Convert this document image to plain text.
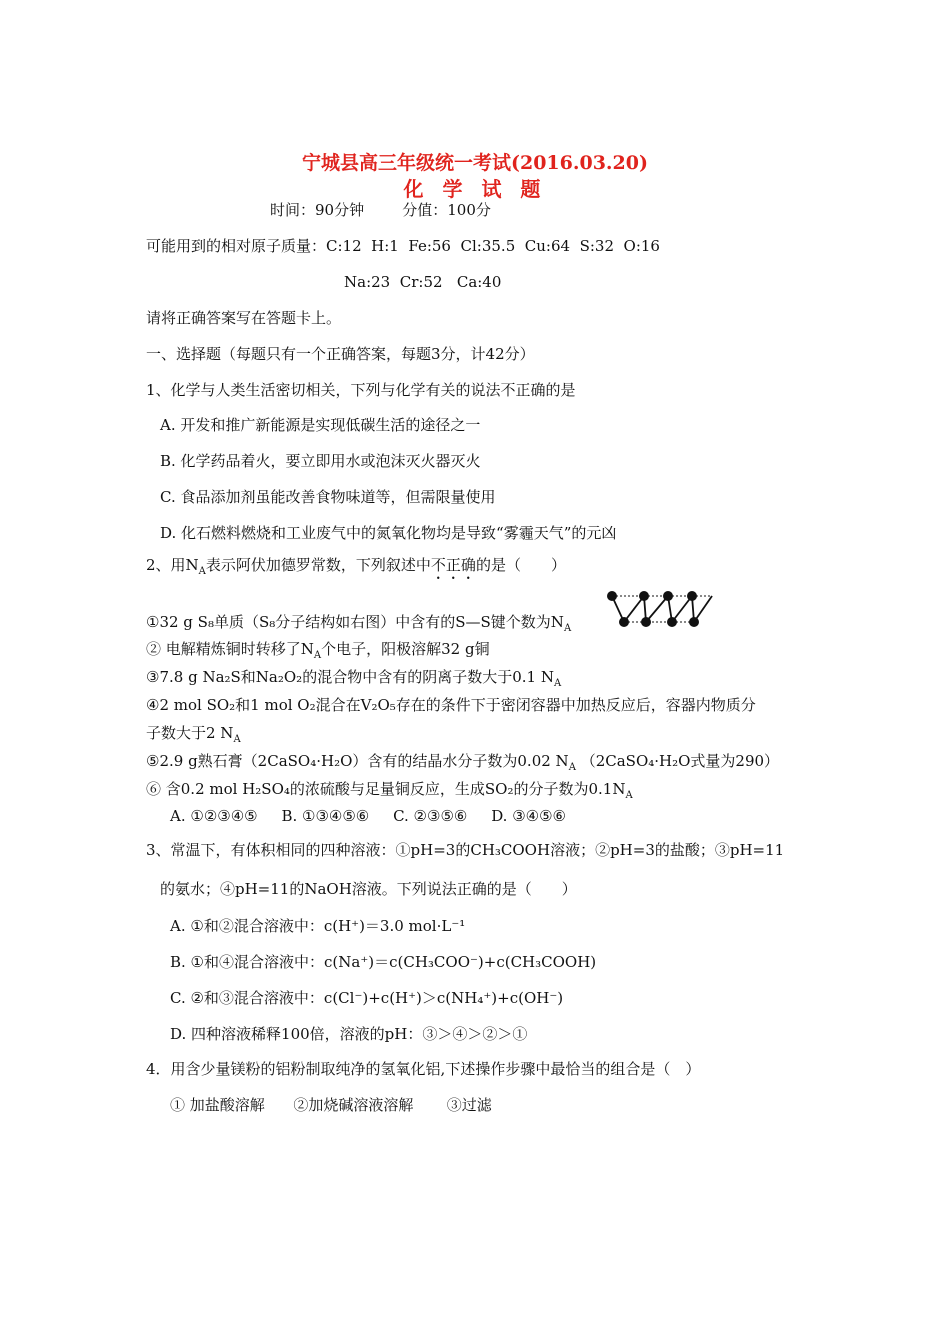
宁城县高三年级统一考试(2016.03.20)
化 学 试 题
时间：90分钟        分值：100分
可能用到的相对原子质量：C:12  H:1  Fe:56  Cl:35.5  Cu:64  S:32  O:16
Na:23  Cr:52   Ca:40
请将正确答案写在答题卡上。
一、选择题（每题只有一个正确答案，每题3分，计42分）
1、化学与人类生活密切相关，下列与化学有关的说法不正确的是
A. 开发和推广新能源是实现低碳生活的途径之一
B. 化学药品着火，要立即用水或泡沫灭火器灭火
C. 食品添加剂虽能改善食物味道等，但需限量使用
D. 化石燃料燃烧和工业废气中的氮氧化物均是导致“雾霾天气”的元凶
2、用$N_A$表示阿伏加德罗常数，下列叙述中不正确的是（　　）
①32 g S₈单质（S₈分子结构如右图）中含有的S—S键个数为$N_A$
② 电解精炼铜时转移了$N_A$个电子，阳极溶解32 g铜
③7.8 g Na₂S和Na₂O₂的混合物中含有的阴离子数大于0.1 $N_A$
④2 mol SO₂和1 mol O₂混合在V₂O₅存在的条件下于密闭容器中加热反应后，容器内物质分
子数大于2 $N_A$
⑤2.9 g熟石膏（2CaSO₄·H₂O）含有的结晶水分子数为0.02 $N_A$ （2CaSO₄·H₂O式量为290）
⑥ 含0.2 mol H₂SO₄的浓硫酸与足量铜反应，生成SO₂的分子数为$0.1N_A$
A. ①②③④⑤     B. ①③④⑤⑥     C. ②③⑤⑥     D. ③④⑤⑥
3、常温下，有体积相同的四种溶液：①pH=3的CH₃COOH溶液；②pH=3的盐酸；③pH=11
的氨水；④pH=11的NaOH溶液。下列说法正确的是（　　）
A. ①和②混合溶液中：c(H⁺)＝3.0 mol·L⁻¹
B. ①和④混合溶液中：c(Na⁺)＝c(CH₃COO⁻)+c(CH₃COOH)
C. ②和③混合溶液中：c(Cl⁻)+c(H⁺)＞c(NH₄⁺)+c(OH⁻)
D. 四种溶液稀释100倍，溶液的pH：③＞④＞②＞①
4．用含少量镁粉的铝粉制取纯净的氢氧化铝,下述操作步骤中最恰当的组合是（　）
① 加盐酸溶解      ②加烧碱溶液溶解       ③过滤
